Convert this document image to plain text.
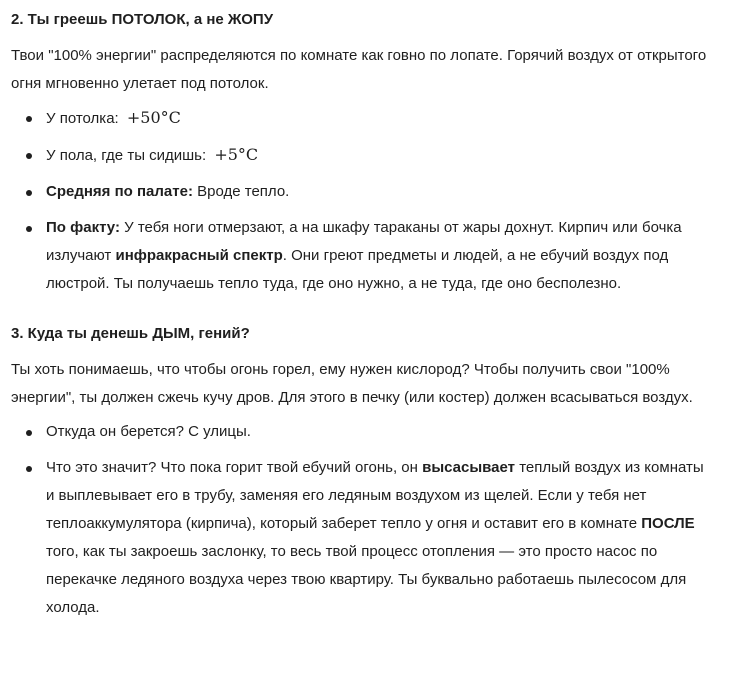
2. Ты греешь ПОТОЛОК, а не ЖОПУ

Твои "100% энергии" распределяются по комнате как говно по лопате. Горячий воздух от открытого огня мгновенно улетает под потолок.

У потолка: +50°C
У пола, где ты сидишь: +5°C
Средняя по палате: Вроде тепло.
По факту: У тебя ноги отмерзают, а на шкафу тараканы от жары дохнут. Кирпич или бочка излучают инфракрасный спектр. Они греют предметы и людей, а не ебучий воздух под люстрой. Ты получаешь тепло туда, где оно нужно, а не туда, где оно бесполезно.
3. Куда ты денешь ДЫМ, гений?

Ты хоть понимаешь, что чтобы огонь горел, ему нужен кислород? Чтобы получить свои "100% энергии", ты должен сжечь кучу дров. Для этого в печку (или костер) должен всасываться воздух.

Откуда он берется? С улицы.
Что это значит? Что пока горит твой ебучий огонь, он высасывает теплый воздух из комнаты и выплевывает его в трубу, заменяя его ледяным воздухом из щелей. Если у тебя нет теплоаккумулятора (кирпича), который заберет тепло у огня и оставит его в комнате ПОСЛЕ того, как ты закроешь заслонку, то весь твой процесс отопления — это просто насос по перекачке ледяного воздуха через твою квартиру. Ты буквально работаешь пылесосом для холода.
